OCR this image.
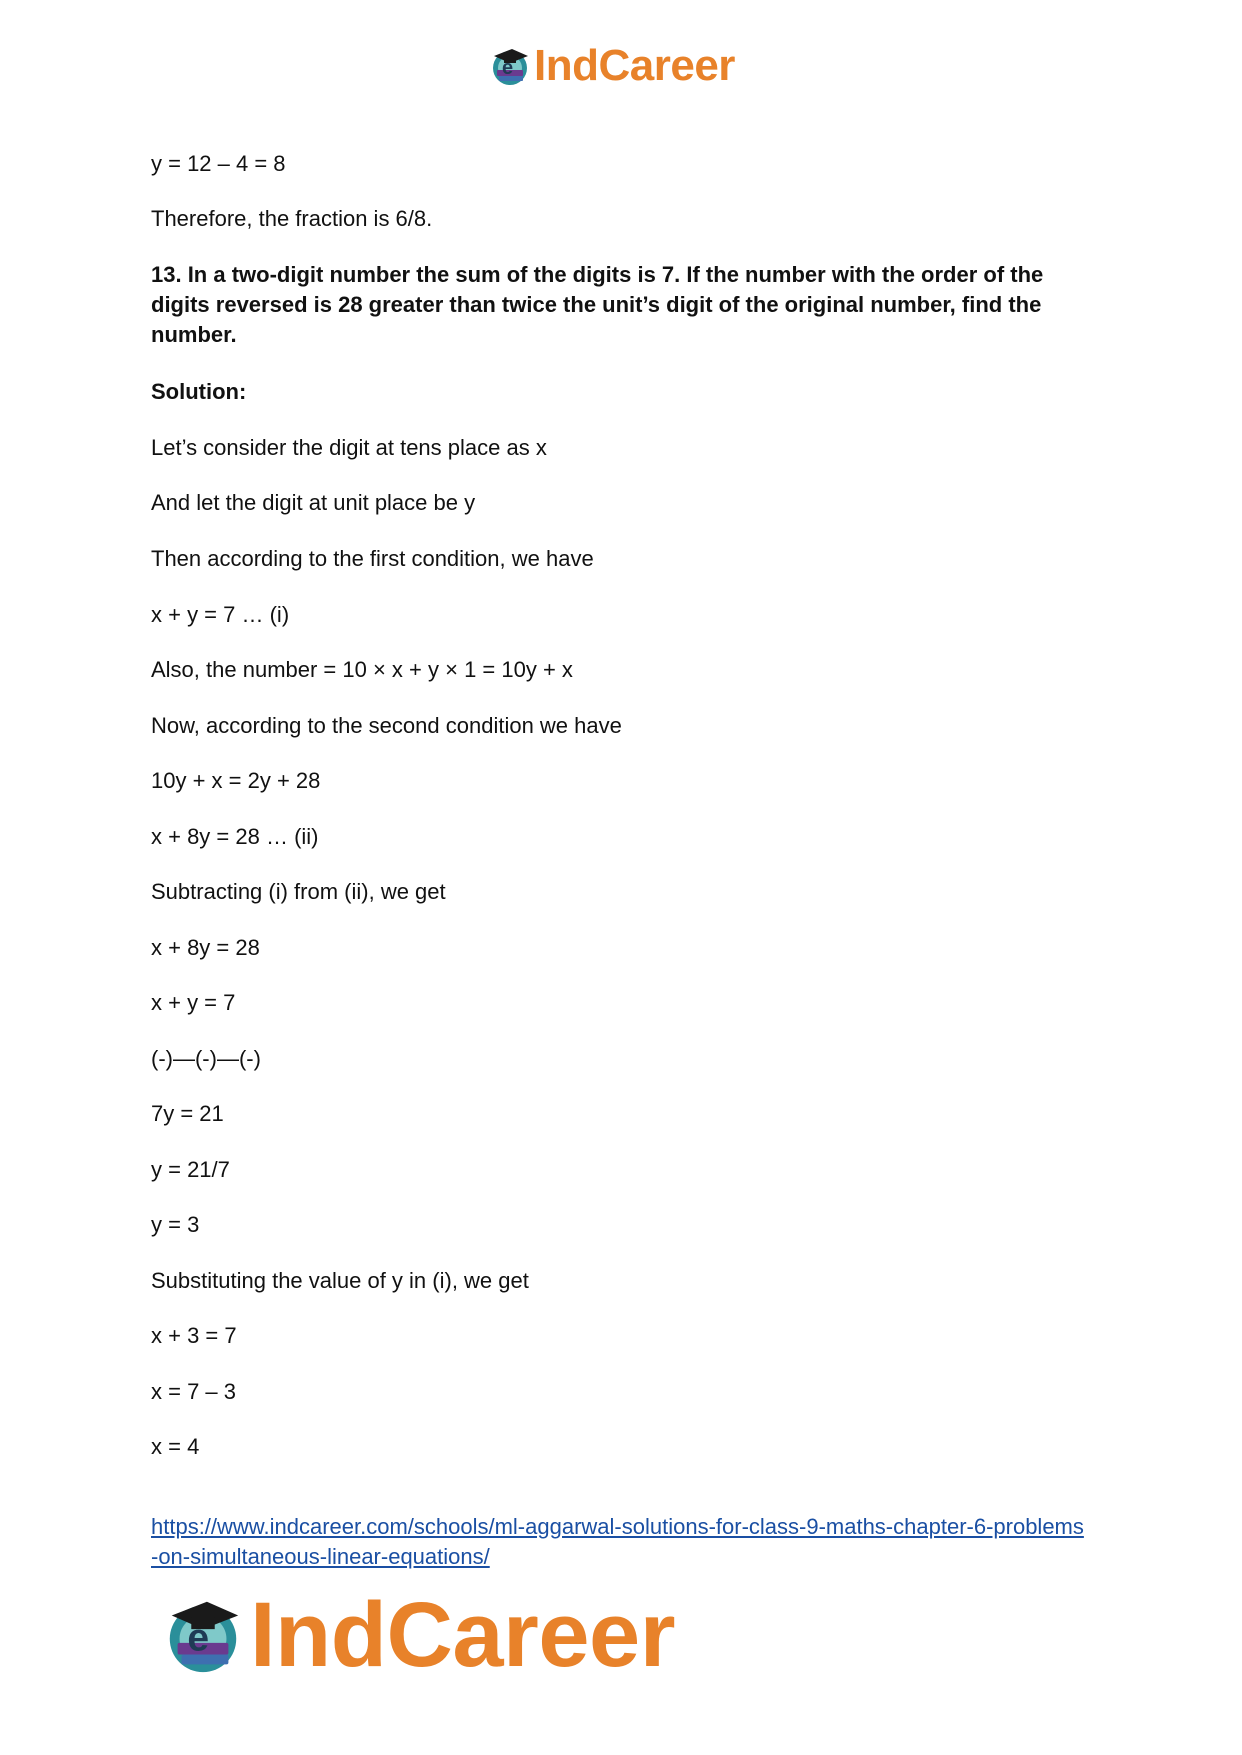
e IndCareer
y = 12 – 4 = 8
Therefore, the fraction is 6/8.
13. In a two-digit number the sum of the digits is 7. If the number with the order of the digits reversed is 28 greater than twice the unit’s digit of the original number, find the number.
Solution:
Let’s consider the digit at tens place as x
And let the digit at unit place be y
Then according to the first condition, we have
x + y = 7 … (i)
Also, the number = 10 × x + y × 1 = 10y + x
Now, according to the second condition we have
10y + x = 2y + 28
x + 8y = 28 … (ii)
Subtracting (i) from (ii), we get
x + 8y = 28
x + y = 7
(-)—(-)—(-)
7y = 21
y = 21/7
y = 3
Substituting the value of y in (i), we get
x + 3 = 7
x = 7 – 3
x = 4
https://www.indcareer.com/schools/ml-aggarwal-solutions-for-class-9-maths-chapter-6-problems-on-simultaneous-linear-equations/
e IndCareer
